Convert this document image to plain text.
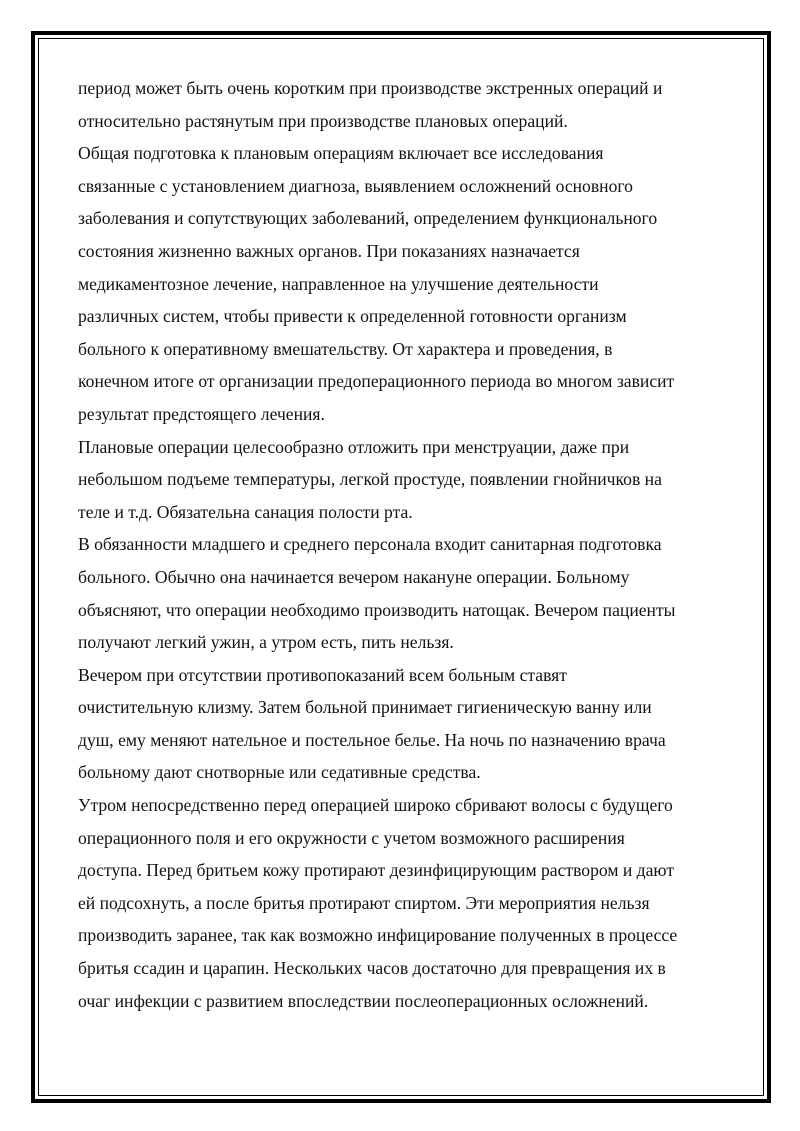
период может быть очень коротким при производстве экстренных операций и
относительно растянутым при производстве плановых операций.
Общая подготовка к плановым операциям включает все исследования
связанные с установлением диагноза, выявлением осложнений основного
заболевания и сопутствующих заболеваний, определением функционального
состояния жизненно важных органов. При показаниях назначается
медикаментозное лечение, направленное на улучшение деятельности
различных систем, чтобы привести к определенной готовности организм
больного к оперативному вмешательству. От характера и проведения, в
конечном итоге от организации предоперационного периода во многом зависит
результат предстоящего лечения.
Плановые операции целесообразно отложить при менструации, даже при
небольшом подъеме температуры, легкой простуде, появлении гнойничков на
теле и т.д. Обязательна санация полости рта.
В обязанности младшего и среднего персонала входит санитарная подготовка
больного. Обычно она начинается вечером накануне операции. Больному
объясняют, что операции необходимо производить натощак. Вечером пациенты
получают легкий ужин, а утром есть, пить нельзя.
Вечером при отсутствии противопоказаний всем больным ставят
очистительную клизму. Затем больной принимает гигиеническую ванну или
душ, ему меняют нательное и постельное белье. На ночь по назначению врача
больному дают снотворные или седативные средства.
Утром непосредственно перед операцией широко сбривают волосы с будущего
операционного поля и его окружности с учетом возможного расширения
доступа. Перед бритьем кожу протирают дезинфицирующим раствором и дают
ей подсохнуть, а после бритья протирают спиртом. Эти мероприятия нельзя
производить заранее, так как возможно инфицирование полученных в процессе
бритья ссадин и царапин. Нескольких часов достаточно для превращения их в
очаг инфекции с развитием впоследствии послеоперационных осложнений.
